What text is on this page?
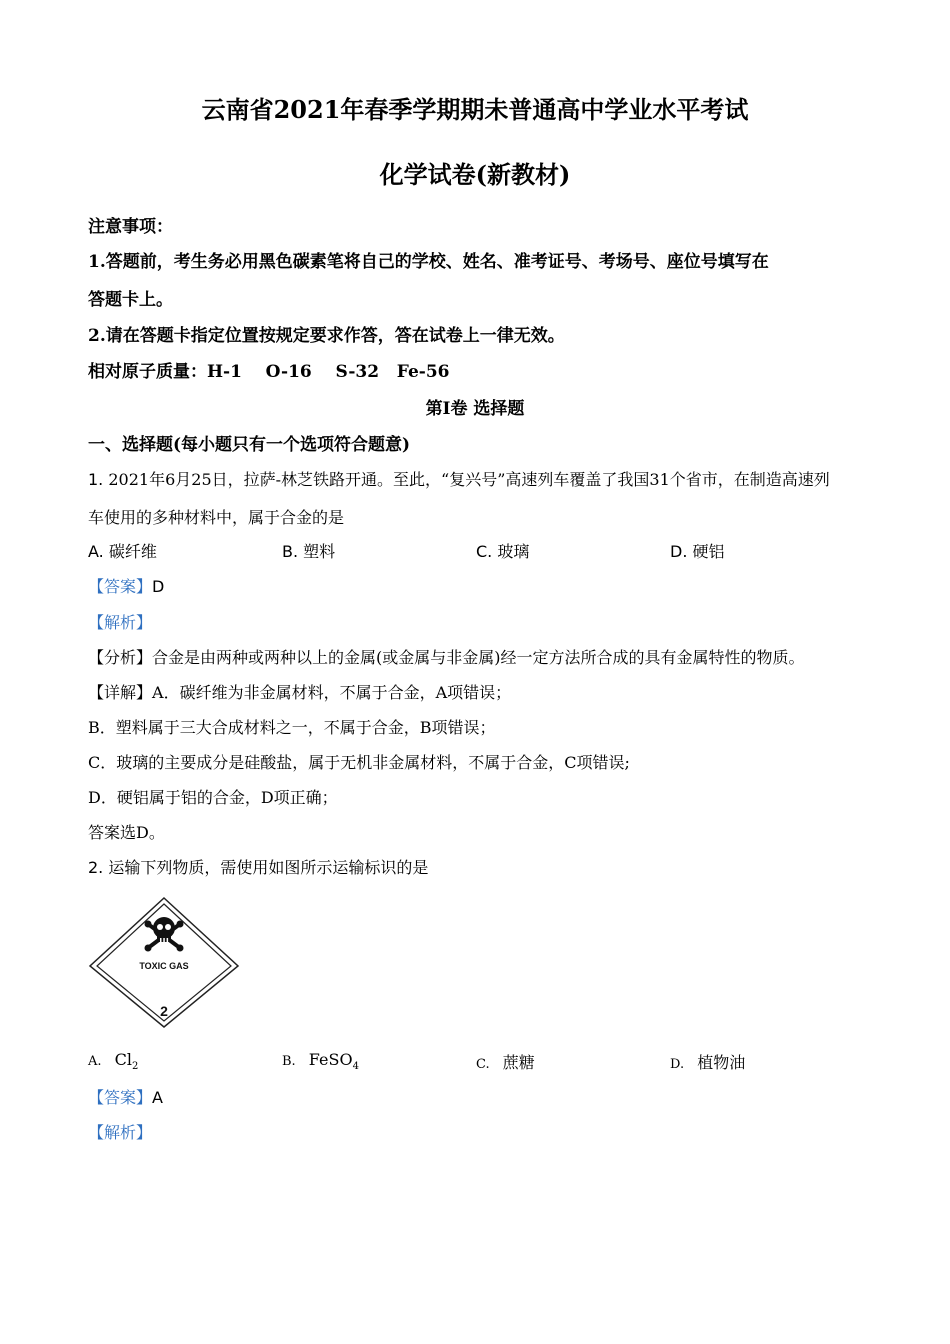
云南省2021年春季学期期未普通高中学业水平考试
化学试卷(新教材)
注意事项：
1.答题前，考生务必用黑色碳素笔将自己的学校、姓名、准考证号、考场号、座位号填写在
答题卡上。
2.请在答题卡指定位置按规定要求作答，答在试卷上一律无效。
相对原子质量：H-1    O-16    S-32   Fe-56
第Ⅰ卷 选择题
一、选择题(每小题只有一个选项符合题意)
1. 2021年6月25日，拉萨-林芝铁路开通。至此，“复兴号”高速列车覆盖了我国31个省市，在制造高速列
车使用的多种材料中，属于合金的是
A. 碳纤维	B. 塑料	C. 玻璃	D. 硬铝
【答案】D
【解析】
【分析】合金是由两种或两种以上的金属(或金属与非金属)经一定方法所合成的具有金属特性的物质。
【详解】A．碳纤维为非金属材料，不属于合金，A项错误；
B．塑料属于三大合成材料之一，不属于合金，B项错误；
C．玻璃的主要成分是硅酸盐，属于无机非金属材料，不属于合金，C项错误;
D．硬铝属于铝的合金，D项正确；
答案选D。
2. 运输下列物质，需使用如图所示运输标识的是
TOXIC GAS
2
A. $Cl_2$	B. FeSO$_4$	C. 蔗糖	D. 植物油
【答案】A
【解析】
